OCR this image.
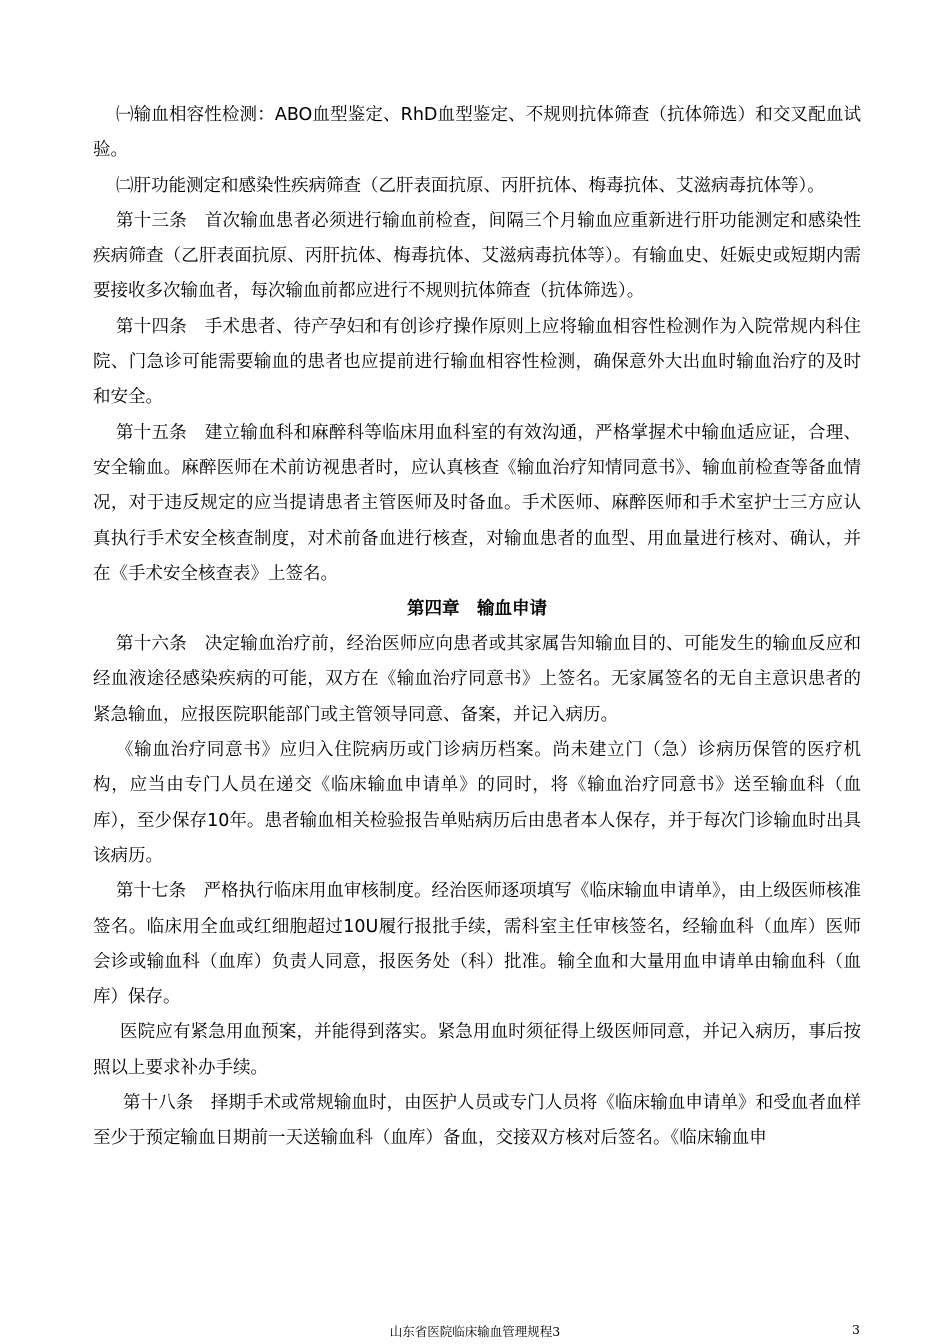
㈠输血相容性检测：ABO血型鉴定、RhD血型鉴定、不规则抗体筛查（抗体筛选）和交叉配血试验。

㈡肝功能测定和感染性疾病筛查（乙肝表面抗原、丙肝抗体、梅毒抗体、艾滋病毒抗体等）。

第十三条　首次输血患者必须进行输血前检查，间隔三个月输血应重新进行肝功能测定和感染性疾病筛查（乙肝表面抗原、丙肝抗体、梅毒抗体、艾滋病毒抗体等）。有输血史、妊娠史或短期内需要接收多次输血者，每次输血前都应进行不规则抗体筛查（抗体筛选）。

第十四条　手术患者、待产孕妇和有创诊疗操作原则上应将输血相容性检测作为入院常规内科住院、门急诊可能需要输血的患者也应提前进行输血相容性检测，确保意外大出血时输血治疗的及时和安全。

第十五条　建立输血科和麻醉科等临床用血科室的有效沟通，严格掌握术中输血适应证，合理、安全输血。麻醉医师在术前访视患者时，应认真核查《输血治疗知情同意书》、输血前检查等备血情况，对于违反规定的应当提请患者主管医师及时备血。手术医师、麻醉医师和手术室护士三方应认真执行手术安全核查制度，对术前备血进行核查，对输血患者的血型、用血量进行核对、确认，并在《手术安全核查表》上签名。

第四章　输血申请

第十六条　决定输血治疗前，经治医师应向患者或其家属告知输血目的、可能发生的输血反应和经血液途径感染疾病的可能，双方在《输血治疗同意书》上签名。无家属签名的无自主意识患者的紧急输血，应报医院职能部门或主管领导同意、备案，并记入病历。

《输血治疗同意书》应归入住院病历或门诊病历档案。尚未建立门（急）诊病历保管的医疗机构，应当由专门人员在递交《临床输血申请单》的同时，将《输血治疗同意书》送至输血科（血库），至少保存10年。患者输血相关检验报告单贴病历后由患者本人保存，并于每次门诊输血时出具该病历。

第十七条　严格执行临床用血审核制度。经治医师逐项填写《临床输血申请单》，由上级医师核准签名。临床用全血或红细胞超过10U履行报批手续，需科室主任审核签名，经输血科（血库）医师会诊或输血科（血库）负责人同意，报医务处（科）批准。输全血和大量用血申请单由输血科（血库）保存。

医院应有紧急用血预案，并能得到落实。紧急用血时须征得上级医师同意，并记入病历，事后按照以上要求补办手续。

第十八条　择期手术或常规输血时，由医护人员或专门人员将《临床输血申请单》和受血者血样至少于预定输血日期前一天送输血科（血库）备血，交接双方核对后签名。《临床输血申

山东省医院临床输血管理规程3	3
